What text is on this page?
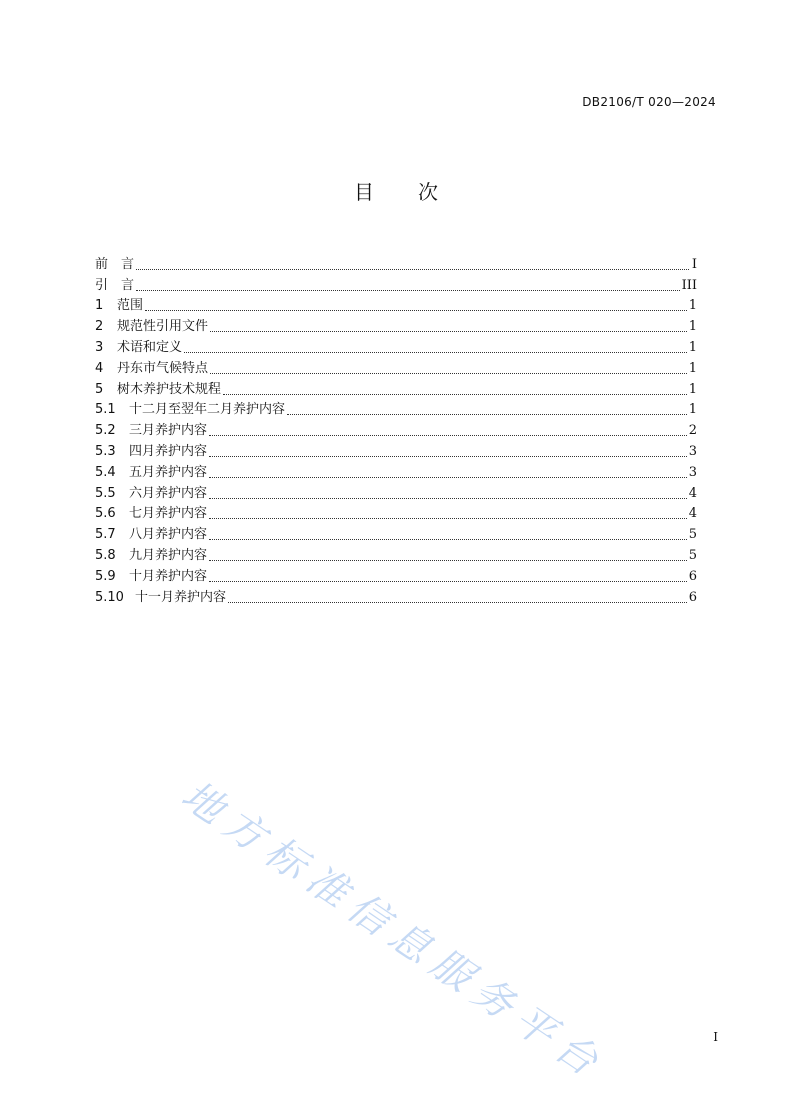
DB2106/T 020—2024
目 次
前　言	I
引　言	III
1	范围	1
2	规范性引用文件	1
3	术语和定义	1
4	丹东市气候特点	1
5	树木养护技术规程	1
5.1	十二月至翌年二月养护内容	1
5.2	三月养护内容	2
5.3	四月养护内容	3
5.4	五月养护内容	3
5.5	六月养护内容	4
5.6	七月养护内容	4
5.7	八月养护内容	5
5.8	九月养护内容	5
5.9	十月养护内容	6
5.10 十一月养护内容	6
地方标准信息服务平台	I
